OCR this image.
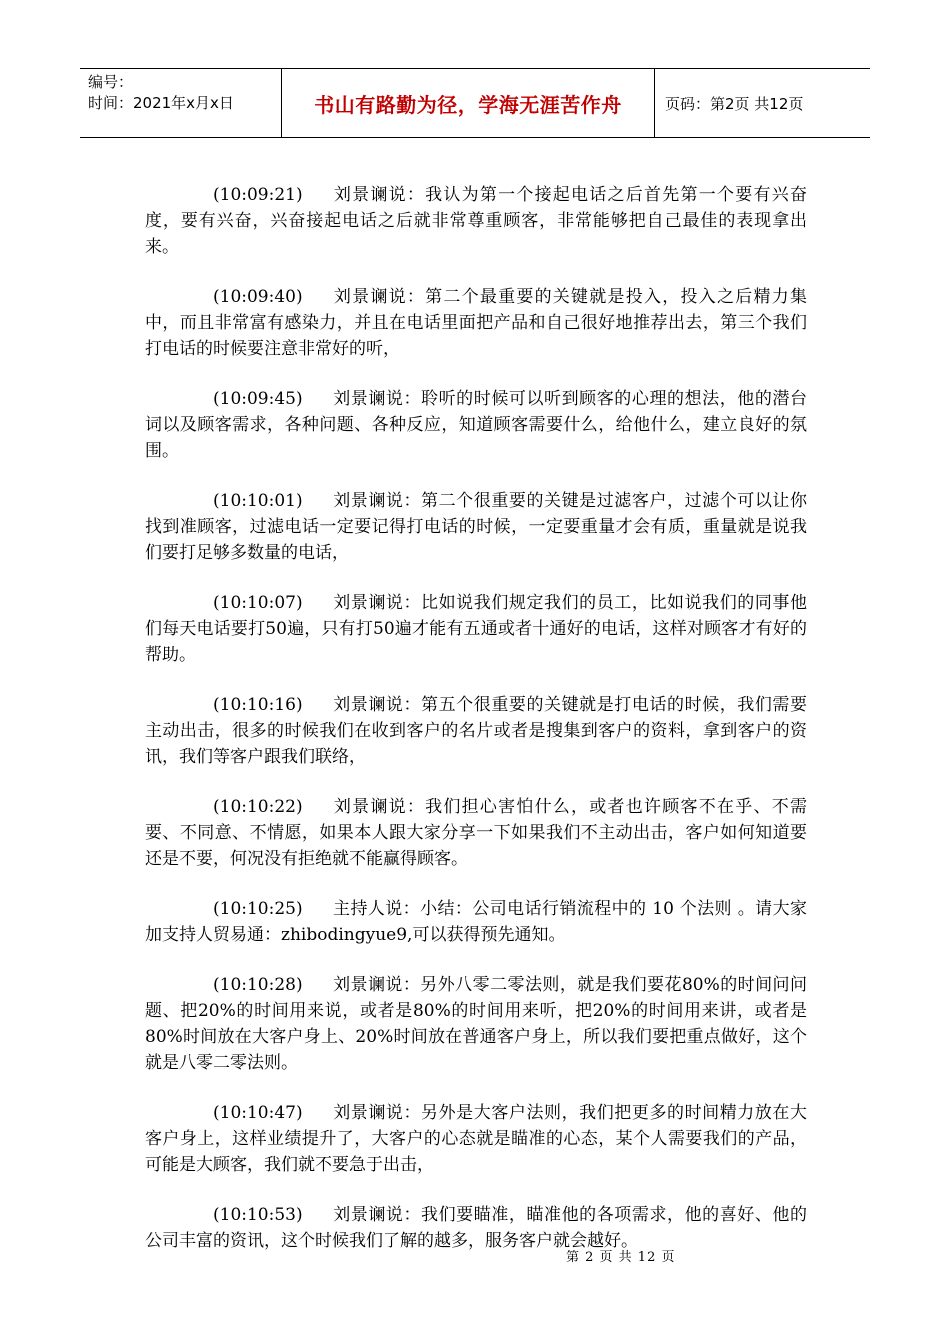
编号：
时间：2021年x月x日	书山有路勤为径，学海无涯苦作舟	页码：第2页 共12页

(10:09:21) 刘景谰说：我认为第一个接起电话之后首先第一个要有兴奋度，要有兴奋，兴奋接起电话之后就非常尊重顾客，非常能够把自己最佳的表现拿出来。

(10:09:40) 刘景谰说：第二个最重要的关键就是投入，投入之后精力集中，而且非常富有感染力，并且在电话里面把产品和自己很好地推荐出去，第三个我们打电话的时候要注意非常好的听，

(10:09:45) 刘景谰说：聆听的时候可以听到顾客的心理的想法，他的潜台词以及顾客需求，各种问题、各种反应，知道顾客需要什么，给他什么，建立良好的氛围。

(10:10:01) 刘景谰说：第二个很重要的关键是过滤客户，过滤个可以让你找到准顾客，过滤电话一定要记得打电话的时候，一定要重量才会有质，重量就是说我们要打足够多数量的电话，

(10:10:07) 刘景谰说：比如说我们规定我们的员工，比如说我们的同事他们每天电话要打50遍，只有打50遍才能有五通或者十通好的电话，这样对顾客才有好的帮助。

(10:10:16) 刘景谰说：第五个很重要的关键就是打电话的时候，我们需要主动出击，很多的时候我们在收到客户的名片或者是搜集到客户的资料，拿到客户的资讯，我们等客户跟我们联络，

(10:10:22) 刘景谰说：我们担心害怕什么，或者也许顾客不在乎、不需要、不同意、不情愿，如果本人跟大家分享一下如果我们不主动出击，客户如何知道要还是不要，何况没有拒绝就不能赢得顾客。

(10:10:25) 主持人说：小结：公司电话行销流程中的 10 个法则 。请大家加支持人贸易通：zhibodingyue9,可以获得预先通知。

(10:10:28) 刘景谰说：另外八零二零法则，就是我们要花80%的时间问问题、把20%的时间用来说，或者是80%的时间用来听，把20%的时间用来讲，或者是80%时间放在大客户身上、20%时间放在普通客户身上，所以我们要把重点做好，这个就是八零二零法则。

(10:10:47) 刘景谰说：另外是大客户法则，我们把更多的时间精力放在大客户身上，这样业绩提升了，大客户的心态就是瞄准的心态，某个人需要我们的产品，可能是大顾客，我们就不要急于出击，

(10:10:53) 刘景谰说：我们要瞄准，瞄准他的各项需求，他的喜好、他的公司丰富的资讯，这个时候我们了解的越多，服务客户就会越好。

第 2 页 共 12 页
